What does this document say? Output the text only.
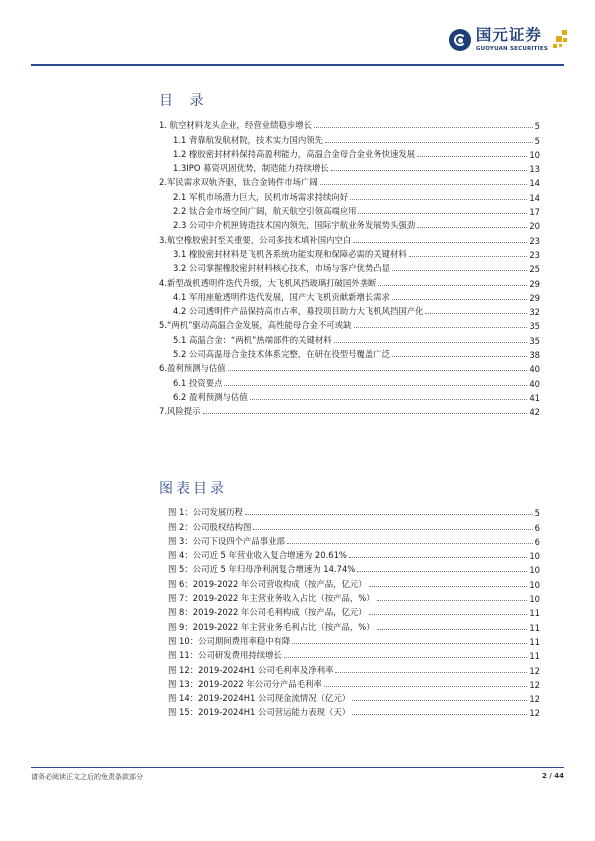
国元证券
GUOYUAN SECURITIES
目 录
1. 航空材料龙头企业，经营业绩稳步增长	5
1.1 背靠航发航材院，技术实力国内领先	5
1.2 橡胶密封材料保持高盈利能力，高温合金母合金业务快速发展	10
1.3IPO 募资巩固优势，制造能力持续增长	13
2.军民需求双轨齐驱，钛合金铸件市场广阔	14
2.1 军机市场潜力巨大，民机市场需求持续向好	14
2.2 钛合金市场空间广阔，航天航空引领高端应用	17
2.3 公司中介机匣铸造技术国内领先，国际宇航业务发展势头强劲	20
3.航空橡胶密封至关重要，公司多技术填补国内空白	23
3.1 橡胶密封材料是飞机各系统功能实现和保障必需的关键材料	23
3.2 公司掌握橡胶密封材料核心技术，市场与客户优势凸显	25
4.新型战机透明件迭代升级，大飞机风挡玻璃打破国外垄断	29
4.1 军用座舱透明件迭代发展，国产大飞机贡献新增长需求	29
4.2 公司透明件产品保持高市占率，募投项目助力大飞机风挡国产化	32
5.“两机”驱动高温合金发展，高性能母合金不可或缺	35
5.1 高温合金：“两机”热端部件的关键材料	35
5.2 公司高温母合金技术体系完整，在研在役型号覆盖广泛	38
6.盈利预测与估值	40
6.1 投资要点	40
6.2 盈利预测与估值	41
7.风险提示	42
图表目录
图 1：公司发展历程	5
图 2：公司股权结构图	6
图 3：公司下设四个产品事业部	6
图 4：公司近 5 年营业收入复合增速为 20.61%	10
图 5：公司近 5 年归母净利润复合增速为 14.74%	10
图 6：2019-2022 年公司营收构成（按产品，亿元）	10
图 7：2019-2022 年主营业务收入占比（按产品，%）	10
图 8：2019-2022 年公司毛利构成（按产品，亿元）	11
图 9：2019-2022 年主营业务毛利占比（按产品，%）	11
图 10：公司期间费用率稳中有降	11
图 11：公司研发费用持续增长	11
图 12：2019-2024H1 公司毛利率及净利率	12
图 13：2019-2022 年公司分产品毛利率	12
图 14：2019-2024H1 公司现金流情况（亿元）	12
图 15：2019-2024H1 公司营运能力表现（天）	12
请务必阅读正文之后的免责条款部分	2 / 44
